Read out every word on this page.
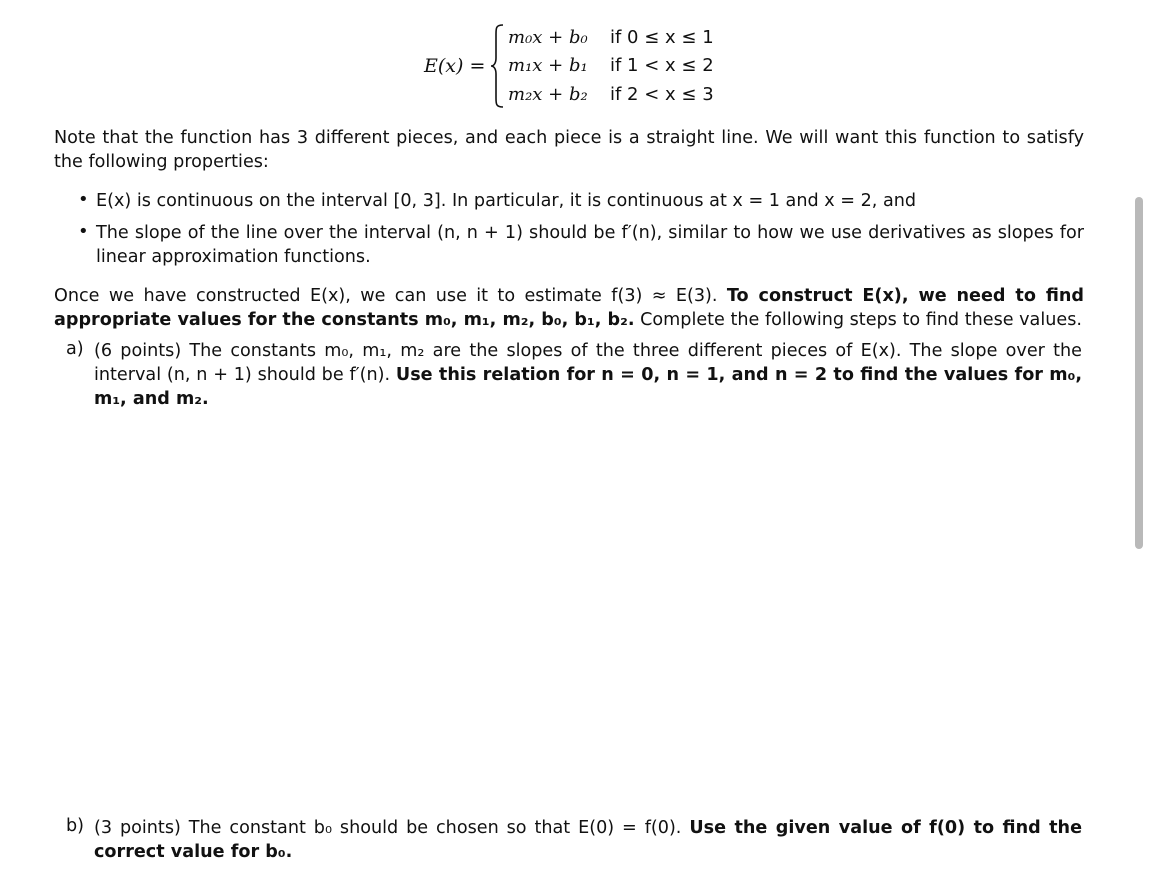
E(x) =
m₀x + b₀ if 0 ≤ x ≤ 1
m₁x + b₁ if 1 < x ≤ 2
m₂x + b₂ if 2 < x ≤ 3
Note that the function has 3 different pieces, and each piece is a straight line. We will want this function to satisfy the following properties:
• E(x) is continuous on the interval [0, 3]. In particular, it is continuous at x = 1 and x = 2, and
• The slope of the line over the interval (n, n + 1) should be f′(n), similar to how we use derivatives as slopes for linear approximation functions.
Once we have constructed E(x), we can use it to estimate f(3) ≈ E(3). To construct E(x), we need to find appropriate values for the constants m₀, m₁, m₂, b₀, b₁, b₂. Complete the following steps to find these values.
a) (6 points) The constants m₀, m₁, m₂ are the slopes of the three different pieces of E(x). The slope over the interval (n, n + 1) should be f′(n). Use this relation for n = 0, n = 1, and n = 2 to find the values for m₀, m₁, and m₂.
b) (3 points) The constant b₀ should be chosen so that E(0) = f(0). Use the given value of f(0) to find the correct value for b₀.
